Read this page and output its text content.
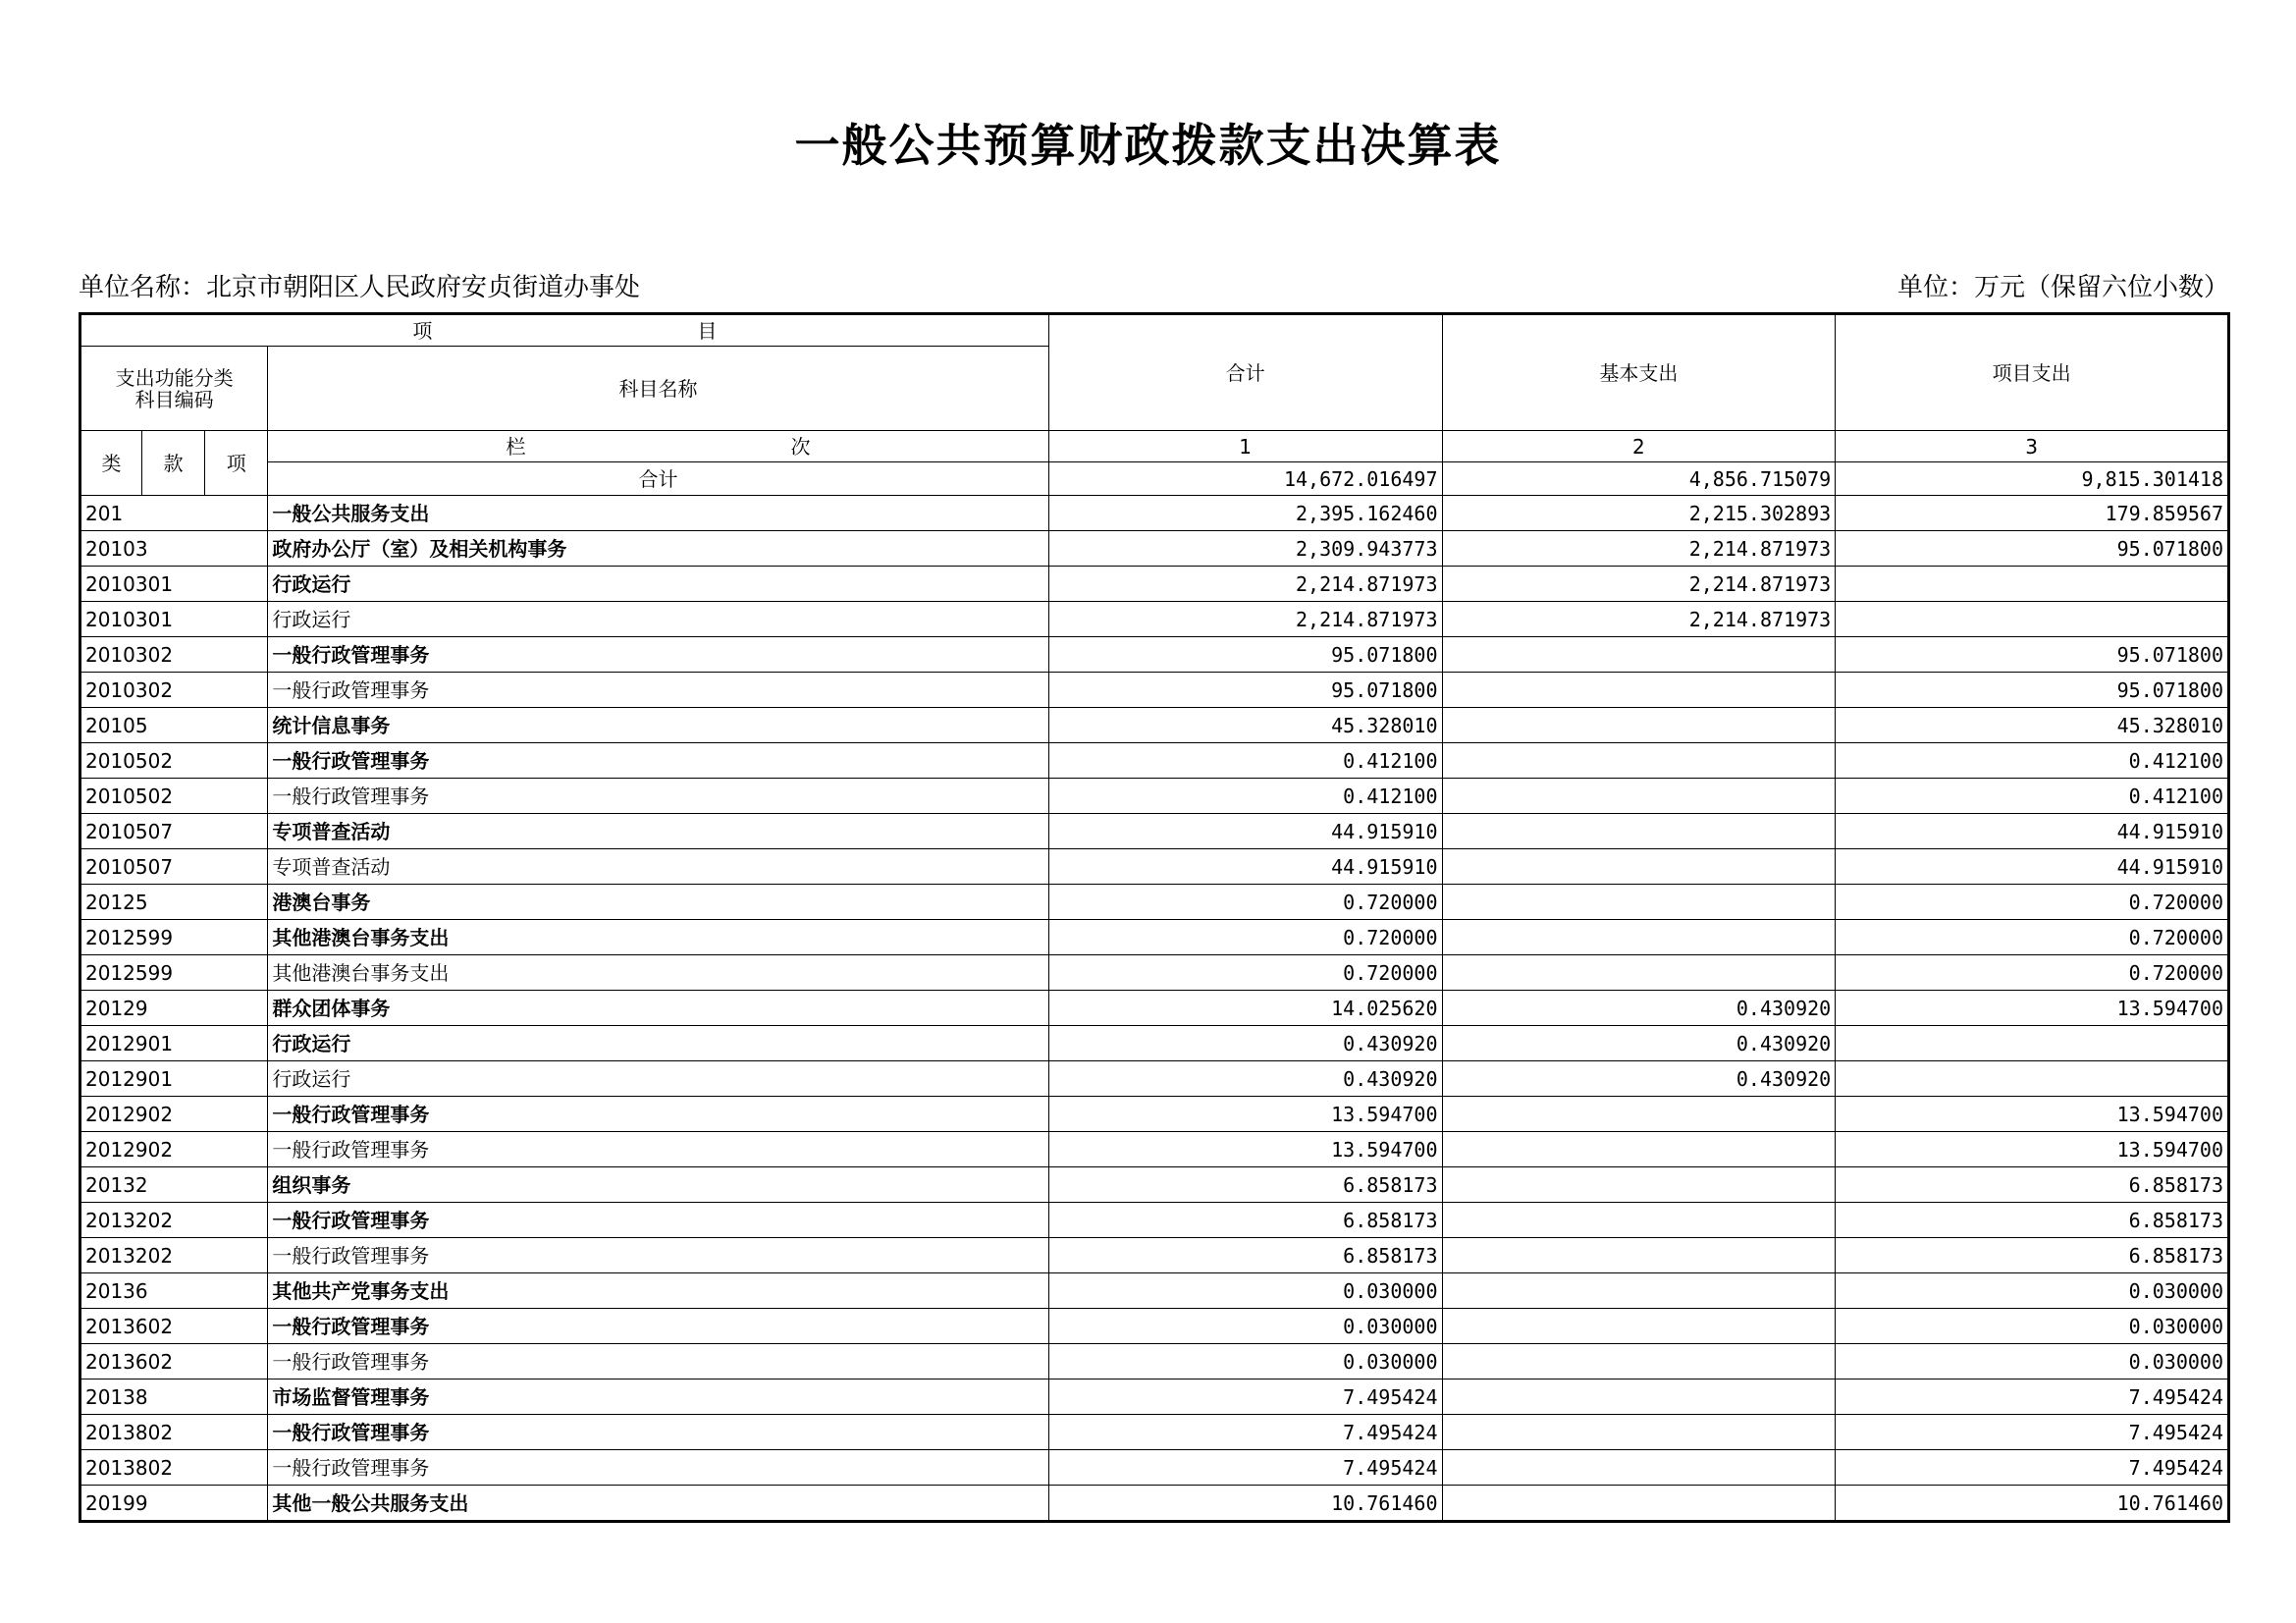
一般公共预算财政拨款支出决算表
单位名称：北京市朝阳区人民政府安贞街道办事处	单位：万元（保留六位小数）
项 目				合计	基本支出	项目支出

支出功能分类
科目编码			科目名称			
类	款	项	栏 次	1	2	3
			合计	14,672.016497	4,856.715079	9,815.301418
201			一般公共服务支出	2,395.162460	2,215.302893	179.859567
20103			政府办公厅（室）及相关机构事务	2,309.943773	2,214.871973	95.071800
2010301			行政运行	2,214.871973	2,214.871973	
2010301			行政运行	2,214.871973	2,214.871973	
2010302			一般行政管理事务	95.071800		95.071800
2010302			一般行政管理事务	95.071800		95.071800
20105			统计信息事务	45.328010		45.328010
2010502			一般行政管理事务	0.412100		0.412100
2010502			一般行政管理事务	0.412100		0.412100
2010507			专项普查活动	44.915910		44.915910
2010507			专项普查活动	44.915910		44.915910
20125			港澳台事务	0.720000		0.720000
2012599			其他港澳台事务支出	0.720000		0.720000
2012599			其他港澳台事务支出	0.720000		0.720000
20129			群众团体事务	14.025620	0.430920	13.594700
2012901			行政运行	0.430920	0.430920	
2012901			行政运行	0.430920	0.430920	
2012902			一般行政管理事务	13.594700		13.594700
2012902			一般行政管理事务	13.594700		13.594700
20132			组织事务	6.858173		6.858173
2013202			一般行政管理事务	6.858173		6.858173
2013202			一般行政管理事务	6.858173		6.858173
20136			其他共产党事务支出	0.030000		0.030000
2013602			一般行政管理事务	0.030000		0.030000
2013602			一般行政管理事务	0.030000		0.030000
20138			市场监督管理事务	7.495424		7.495424
2013802			一般行政管理事务	7.495424		7.495424
2013802			一般行政管理事务	7.495424		7.495424
20199			其他一般公共服务支出	10.761460		10.761460
